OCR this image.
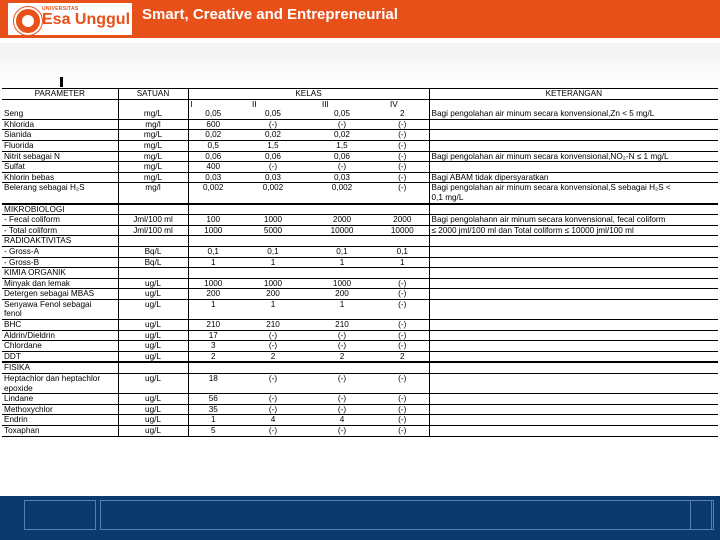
UNIVERSITAS
Esa Unggul Smart, Creative and Entrepreneurial
PARAMETER	SATUAN	KELAS				KETERANGAN
		I	II	III	IV	
Seng	mg/L	0,05	0,05	0,05	2	Bagi pengolahan air minum secara konvensional,Zn < 5 mg/L
Khlorida	mg/l	600	(-)	(-)	(-)	
Sianida	mg/L	0,02	0,02	0,02	(-)	
Fluorida	mg/L	0,5	1,5	1,5	(-)	
Nitrit sebagai N	mg/L	0,06	0,06	0,06	(-)	Bagi pengolahan air minum secara konvensional,NO₂-N ≤ 1 mg/L
Sulfat	mg/L	400	(-)	(-)	(-)	
Khlorin bebas	mg/L	0,03	0,03	0,03	(-)	Bagi ABAM tidak dipersyaratkan
Belerang sebagai H₂S	mg/l	0,002	0,002	0,002	(-)	Bagi pengolahan air minum secara konvensional,S sebagai H₂S <
						0,1 mg/L

MIKROBIOLOGI						
- Fecal coliform	Jml/100 ml	100	1000	2000	2000	Bagi pengolahann air minum secara konvensional, fecal coliform
- Total coliform	Jml/100 ml	1000	5000	10000	10000	≤ 2000 jml/100 ml dan Total coliform ≤ 10000 jml/100 ml
RADIOAKTIVITAS						
- Gross-A	Bq/L	0,1	0,1	0,1	0,1	
- Gross-B	Bq/L	1	1	1	1	
KIMIA ORGANIK						
Minyak dan lemak	ug/L	1000	1000	1000	(-)	
Detergen sebagai MBAS	ug/L	200	200	200	(-)	
Senyawa Fenol sebagai	ug/L	1	1	1	(-)	
fenol						
BHC	ug/L	210	210	210	(-)	
Aldrin/Dieldrin	ug/L	17	(-)	(-)	(-)	
Chlordane	ug/L	3	(-)	(-)	(-)	
DDT	ug/L	2	2	2	2	

FISIKA						
Heptachlor dan heptachlor	ug/L	18	(-)	(-)	(-)	
epoxide						
Lindane	ug/L	56	(-)	(-)	(-)	
Methoxychlor	ug/L	35	(-)	(-)	(-)	
Endrin	ug/L	1	4	4	(-)	
Toxaphan	ug/L	5	(-)	(-)	(-)	
